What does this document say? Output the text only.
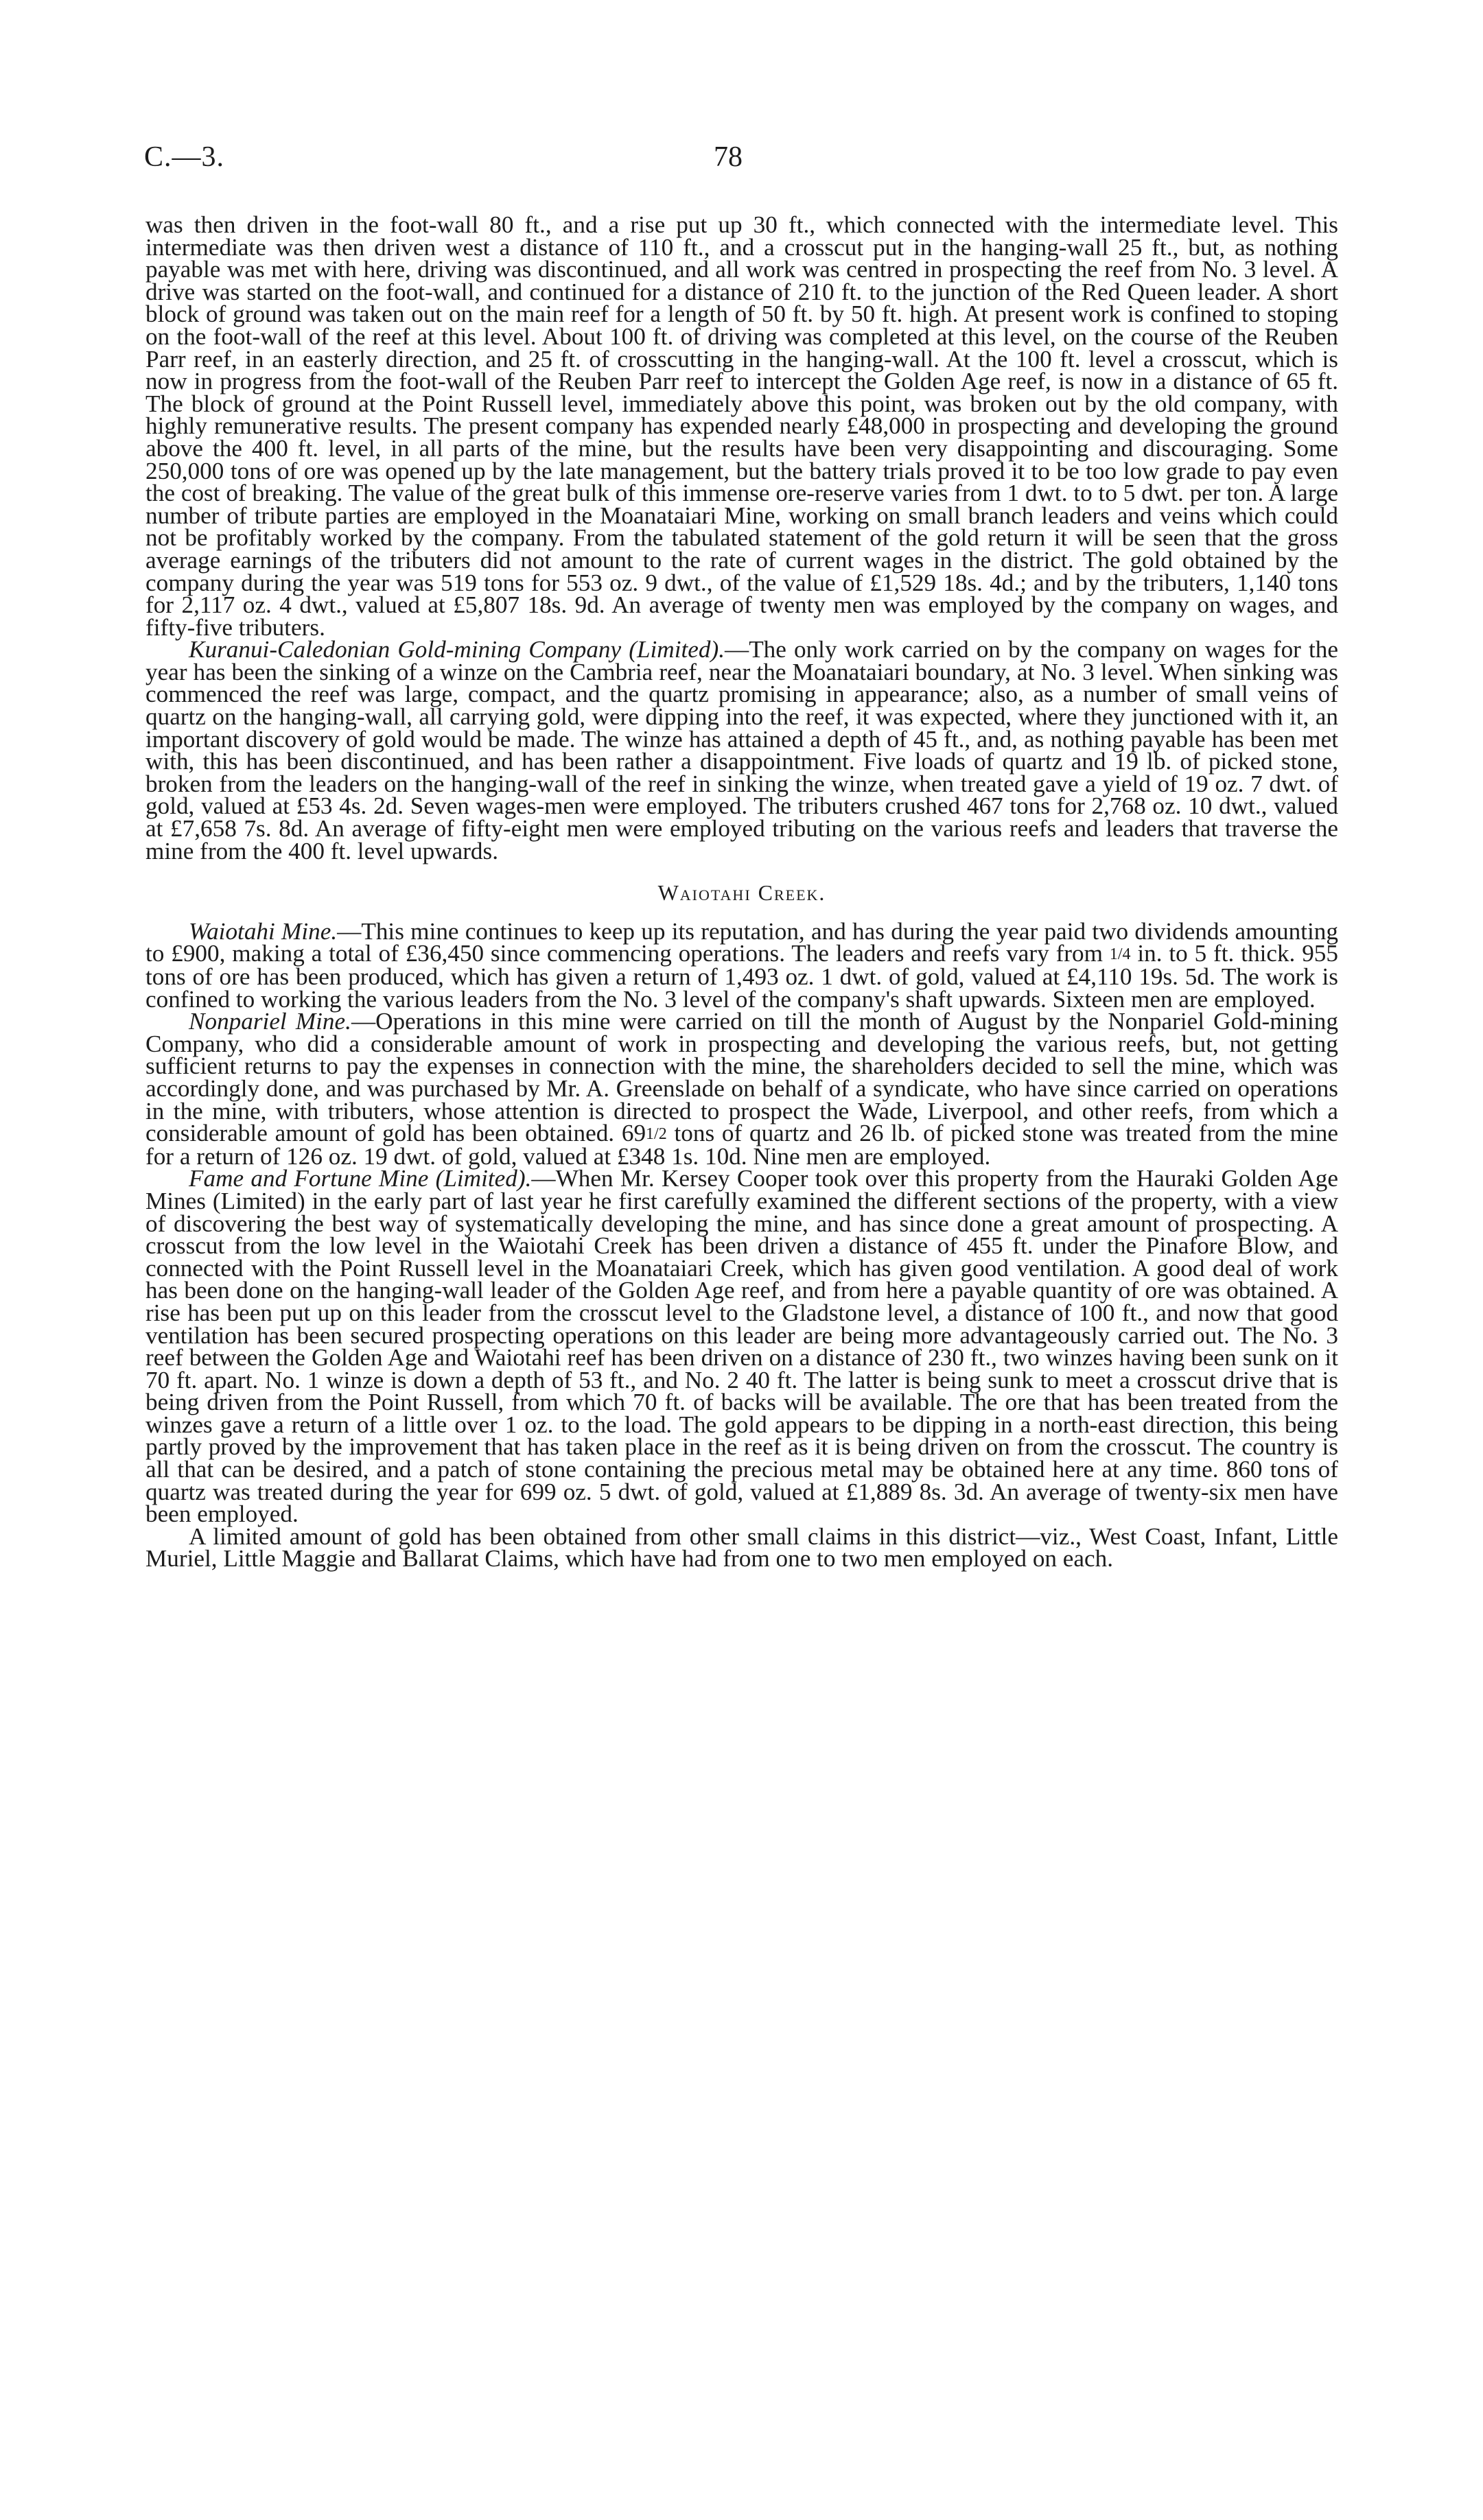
C.—3.	78

was then driven in the foot-wall 80 ft., and a rise put up 30 ft., which connected with the intermediate level. This intermediate was then driven west a distance of 110 ft., and a crosscut put in the hanging-wall 25 ft., but, as nothing payable was met with here, driving was discontinued, and all work was centred in prospecting the reef from No. 3 level. A drive was started on the foot-wall, and continued for a distance of 210 ft. to the junction of the Red Queen leader. A short block of ground was taken out on the main reef for a length of 50 ft. by 50 ft. high. At present work is confined to stoping on the foot-wall of the reef at this level. About 100 ft. of driving was completed at this level, on the course of the Reuben Parr reef, in an easterly direction, and 25 ft. of crosscutting in the hanging-wall. At the 100 ft. level a crosscut, which is now in progress from the foot-wall of the Reuben Parr reef to intercept the Golden Age reef, is now in a distance of 65 ft. The block of ground at the Point Russell level, immediately above this point, was broken out by the old company, with highly remunerative results. The present company has expended nearly £48,000 in prospecting and developing the ground above the 400 ft. level, in all parts of the mine, but the results have been very disappointing and discouraging. Some 250,000 tons of ore was opened up by the late management, but the battery trials proved it to be too low grade to pay even the cost of breaking. The value of the great bulk of this immense ore-reserve varies from 1 dwt. to to 5 dwt. per ton. A large number of tribute parties are employed in the Moanataiari Mine, working on small branch leaders and veins which could not be profitably worked by the company. From the tabulated statement of the gold return it will be seen that the gross average earnings of the tributers did not amount to the rate of current wages in the district. The gold obtained by the company during the year was 519 tons for 553 oz. 9 dwt., of the value of £1,529 18s. 4d.; and by the tributers, 1,140 tons for 2,117 oz. 4 dwt., valued at £5,807 18s. 9d. An average of twenty men was employed by the company on wages, and fifty-five tributers.

Kuranui-Caledonian Gold-mining Company (Limited).—The only work carried on by the company on wages for the year has been the sinking of a winze on the Cambria reef, near the Moanataiari boundary, at No. 3 level. When sinking was commenced the reef was large, compact, and the quartz promising in appearance; also, as a number of small veins of quartz on the hanging-wall, all carrying gold, were dipping into the reef, it was expected, where they junctioned with it, an important discovery of gold would be made. The winze has attained a depth of 45 ft., and, as nothing payable has been met with, this has been discontinued, and has been rather a disappointment. Five loads of quartz and 19 lb. of picked stone, broken from the leaders on the hanging-wall of the reef in sinking the winze, when treated gave a yield of 19 oz. 7 dwt. of gold, valued at £53 4s. 2d. Seven wages-men were employed. The tributers crushed 467 tons for 2,768 oz. 10 dwt., valued at £7,658 7s. 8d. An average of fifty-eight men were employed tributing on the various reefs and leaders that traverse the mine from the 400 ft. level upwards.

Waiotahi Creek.

Waiotahi Mine.—This mine continues to keep up its reputation, and has during the year paid two dividends amounting to £900, making a total of £36,450 since commencing operations. The leaders and reefs vary from 1/4 in. to 5 ft. thick. 955 tons of ore has been produced, which has given a return of 1,493 oz. 1 dwt. of gold, valued at £4,110 19s. 5d. The work is confined to working the various leaders from the No. 3 level of the company's shaft upwards. Sixteen men are employed.

Nonpariel Mine.—Operations in this mine were carried on till the month of August by the Nonpariel Gold-mining Company, who did a considerable amount of work in prospecting and developing the various reefs, but, not getting sufficient returns to pay the expenses in connection with the mine, the shareholders decided to sell the mine, which was accordingly done, and was purchased by Mr. A. Greenslade on behalf of a syndicate, who have since carried on operations in the mine, with tributers, whose attention is directed to prospect the Wade, Liverpool, and other reefs, from which a considerable amount of gold has been obtained. 691/2 tons of quartz and 26 lb. of picked stone was treated from the mine for a return of 126 oz. 19 dwt. of gold, valued at £348 1s. 10d. Nine men are employed.

Fame and Fortune Mine (Limited).—When Mr. Kersey Cooper took over this property from the Hauraki Golden Age Mines (Limited) in the early part of last year he first carefully examined the different sections of the property, with a view of discovering the best way of systematically developing the mine, and has since done a great amount of prospecting. A crosscut from the low level in the Waiotahi Creek has been driven a distance of 455 ft. under the Pinafore Blow, and connected with the Point Russell level in the Moanataiari Creek, which has given good ventilation. A good deal of work has been done on the hanging-wall leader of the Golden Age reef, and from here a payable quantity of ore was obtained. A rise has been put up on this leader from the crosscut level to the Gladstone level, a distance of 100 ft., and now that good ventilation has been secured prospecting operations on this leader are being more advantageously carried out. The No. 3 reef between the Golden Age and Waiotahi reef has been driven on a distance of 230 ft., two winzes having been sunk on it 70 ft. apart. No. 1 winze is down a depth of 53 ft., and No. 2 40 ft. The latter is being sunk to meet a crosscut drive that is being driven from the Point Russell, from which 70 ft. of backs will be available. The ore that has been treated from the winzes gave a return of a little over 1 oz. to the load. The gold appears to be dipping in a north-east direction, this being partly proved by the improvement that has taken place in the reef as it is being driven on from the crosscut. The country is all that can be desired, and a patch of stone containing the precious metal may be obtained here at any time. 860 tons of quartz was treated during the year for 699 oz. 5 dwt. of gold, valued at £1,889 8s. 3d. An average of twenty-six men have been employed.

A limited amount of gold has been obtained from other small claims in this district—viz., West Coast, Infant, Little Muriel, Little Maggie and Ballarat Claims, which have had from one to two men employed on each.
